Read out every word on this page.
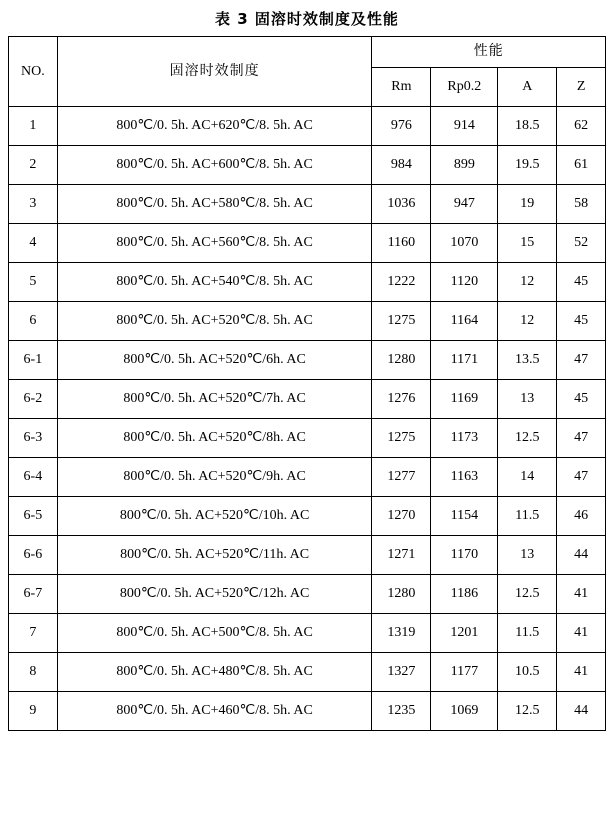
表 3 固溶时效制度及性能
NO.	固溶时效制度	性能			
		Rm	Rp0.2	A	Z
1	800℃/0. 5h. AC+620℃/8. 5h. AC	976	914	18.5	62
2	800℃/0. 5h. AC+600℃/8. 5h. AC	984	899	19.5	61
3	800℃/0. 5h. AC+580℃/8. 5h. AC	1036	947	19	58
4	800℃/0. 5h. AC+560℃/8. 5h. AC	1160	1070	15	52
5	800℃/0. 5h. AC+540℃/8. 5h. AC	1222	1120	12	45
6	800℃/0. 5h. AC+520℃/8. 5h. AC	1275	1164	12	45
6-1	800℃/0. 5h. AC+520℃/6h. AC	1280	1171	13.5	47
6-2	800℃/0. 5h. AC+520℃/7h. AC	1276	1169	13	45
6-3	800℃/0. 5h. AC+520℃/8h. AC	1275	1173	12.5	47
6-4	800℃/0. 5h. AC+520℃/9h. AC	1277	1163	14	47
6-5	800℃/0. 5h. AC+520℃/10h. AC	1270	1154	11.5	46
6-6	800℃/0. 5h. AC+520℃/11h. AC	1271	1170	13	44
6-7	800℃/0. 5h. AC+520℃/12h. AC	1280	1186	12.5	41
7	800℃/0. 5h. AC+500℃/8. 5h. AC	1319	1201	11.5	41
8	800℃/0. 5h. AC+480℃/8. 5h. AC	1327	1177	10.5	41
9	800℃/0. 5h. AC+460℃/8. 5h. AC	1235	1069	12.5	44
